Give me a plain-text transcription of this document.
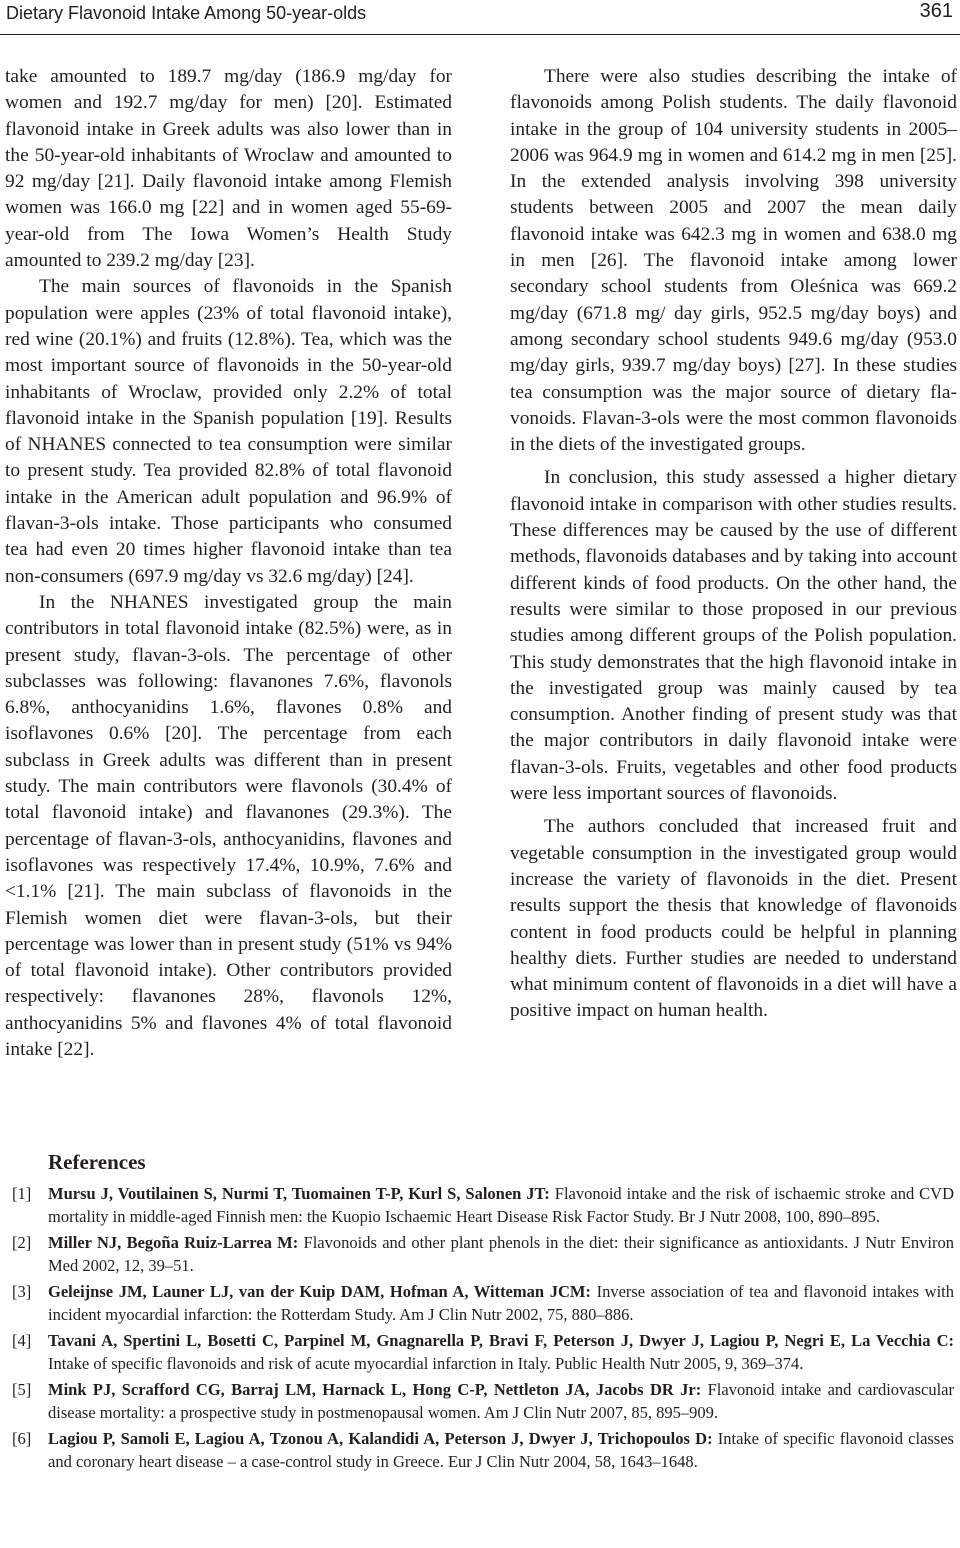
Dietary Flavonoid Intake Among 50-year-olds	361

take amounted to 189.7 mg/day (186.9 mg/day for women and 192.7 mg/day for men) [20]. Estimated flavonoid intake in Greek adults was also lower than in the 50-year-old inhabitants of Wroclaw and amounted to 92 mg/day [21]. Daily flavonoid intake among Flemish women was 166.0 mg [22] and in women aged 55-69-year-old from The Iowa Women’s Health Study amounted to 239.2 mg/day [23].

The main sources of flavonoids in the Spanish population were apples (23% of total flavonoid intake), red wine (20.1%) and fruits (12.8%). Tea, which was the most important source of flavonoids in the 50-year-old inhabitants of Wroclaw, provided only 2.2% of total flavonoid intake in the Spanish population [19]. Results of NHANES connected to tea consumption were similar to present study. Tea provided 82.8% of total flavonoid intake in the American adult population and 96.9% of flavan-3-ols intake. Those participants who consumed tea had even 20 times higher flavonoid intake than tea non-consumers (697.9 mg/day vs 32.6 mg/day) [24].

In the NHANES investigated group the main contributors in total flavonoid intake (82.5%) were, as in present study, flavan-3-ols. The percentage of other subclasses was following: flavanones 7.6%, flavonols 6.8%, anthocyanidins 1.6%, flavones 0.8% and isoflavones 0.6% [20]. The percentage from each subclass in Greek adults was different than in present study. The main contributors were flavonols (30.4% of total flavonoid intake) and flavanones (29.3%). The percentage of flavan-3-ols, anthocyanidins, flavones and isoflavones was respectively 17.4%, 10.9%, 7.6% and <1.1% [21]. The main subclass of flavonoids in the Flemish women diet were flavan-3-ols, but their percentage was lower than in present study (51% vs 94% of total flavonoid intake). Other contributors provided respectively: flavanones 28%, flavonols 12%, anthocyanidins 5% and flavones 4% of total flavonoid intake [22].

There were also studies describing the intake of flavonoids among Polish students. The daily flavonoid intake in the group of 104 university students in 2005–2006 was 964.9 mg in women and 614.2 mg in men [25]. In the extended analysis involving 398 university students between 2005 and 2007 the mean daily flavonoid intake was 642.3 mg in women and 638.0 mg in men [26]. The flavonoid intake among lower secondary school students from Oleśnica was 669.2 mg/day (671.8 mg/ day girls, 952.5 mg/day boys) and among secondary school students 949.6 mg/day (953.0 mg/day girls, 939.7 mg/day boys) [27]. In these studies tea consumption was the major source of dietary flavonoids. Flavan-3-ols were the most common flavonoids in the diets of the investigated groups.

In conclusion, this study assessed a higher dietary flavonoid intake in comparison with other studies results. These differences may be caused by the use of different methods, flavonoids databases and by taking into account different kinds of food products. On the other hand, the results were similar to those proposed in our previous studies among different groups of the Polish population. This study demonstrates that the high flavonoid intake in the investigated group was mainly caused by tea consumption. Another finding of present study was that the major contributors in daily flavonoid intake were flavan-3-ols. Fruits, vegetables and other food products were less important sources of flavonoids.

The authors concluded that increased fruit and vegetable consumption in the investigated group would increase the variety of flavonoids in the diet. Present results support the thesis that knowledge of flavonoids content in food products could be helpful in planning healthy diets. Further studies are needed to understand what minimum content of flavonoids in a diet will have a positive impact on human health.

References
[1] Mursu J, Voutilainen S, Nurmi T, Tuomainen T-P, Kurl S, Salonen JT: Flavonoid intake and the risk of ischaemic stroke and CVD mortality in middle-aged Finnish men: the Kuopio Ischaemic Heart Disease Risk Factor Study. Br J Nutr 2008, 100, 890–895.
[2] Miller NJ, Begoña Ruiz-Larrea M: Flavonoids and other plant phenols in the diet: their significance as antioxidants. J Nutr Environ Med 2002, 12, 39–51.
[3] Geleijnse JM, Launer LJ, van der Kuip DAM, Hofman A, Witteman JCM: Inverse association of tea and flavonoid intakes with incident myocardial infarction: the Rotterdam Study. Am J Clin Nutr 2002, 75, 880–886.
[4] Tavani A, Spertini L, Bosetti C, Parpinel M, Gnagnarella P, Bravi F, Peterson J, Dwyer J, Lagiou P, Negri E, La Vecchia C: Intake of specific flavonoids and risk of acute myocardial infarction in Italy. Public Health Nutr 2005, 9, 369–374.
[5] Mink PJ, Scrafford CG, Barraj LM, Harnack L, Hong C-P, Nettleton JA, Jacobs DR Jr: Flavonoid intake and cardiovascular disease mortality: a prospective study in postmenopausal women. Am J Clin Nutr 2007, 85, 895–909.
[6] Lagiou P, Samoli E, Lagiou A, Tzonou A, Kalandidi A, Peterson J, Dwyer J, Trichopoulos D: Intake of specific flavonoid classes and coronary heart disease – a case-control study in Greece. Eur J Clin Nutr 2004, 58, 1643–1648.
